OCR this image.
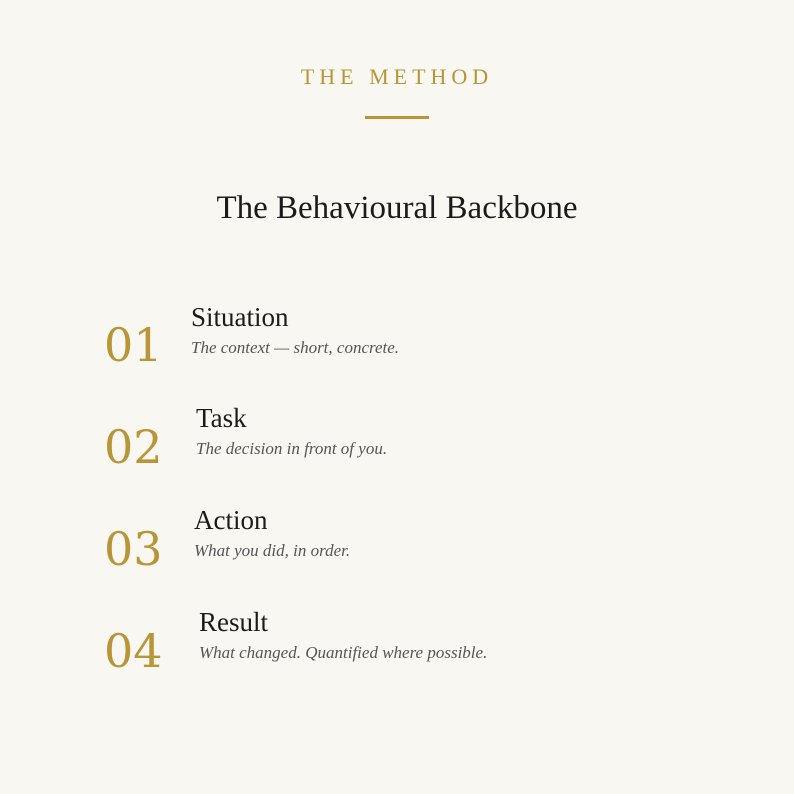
THE METHOD
The Behavioural Backbone
01
Situation
The context — short, concrete.
02
Task
The decision in front of you.
03
Action
What you did, in order.
04
Result
What changed. Quantified where possible.
